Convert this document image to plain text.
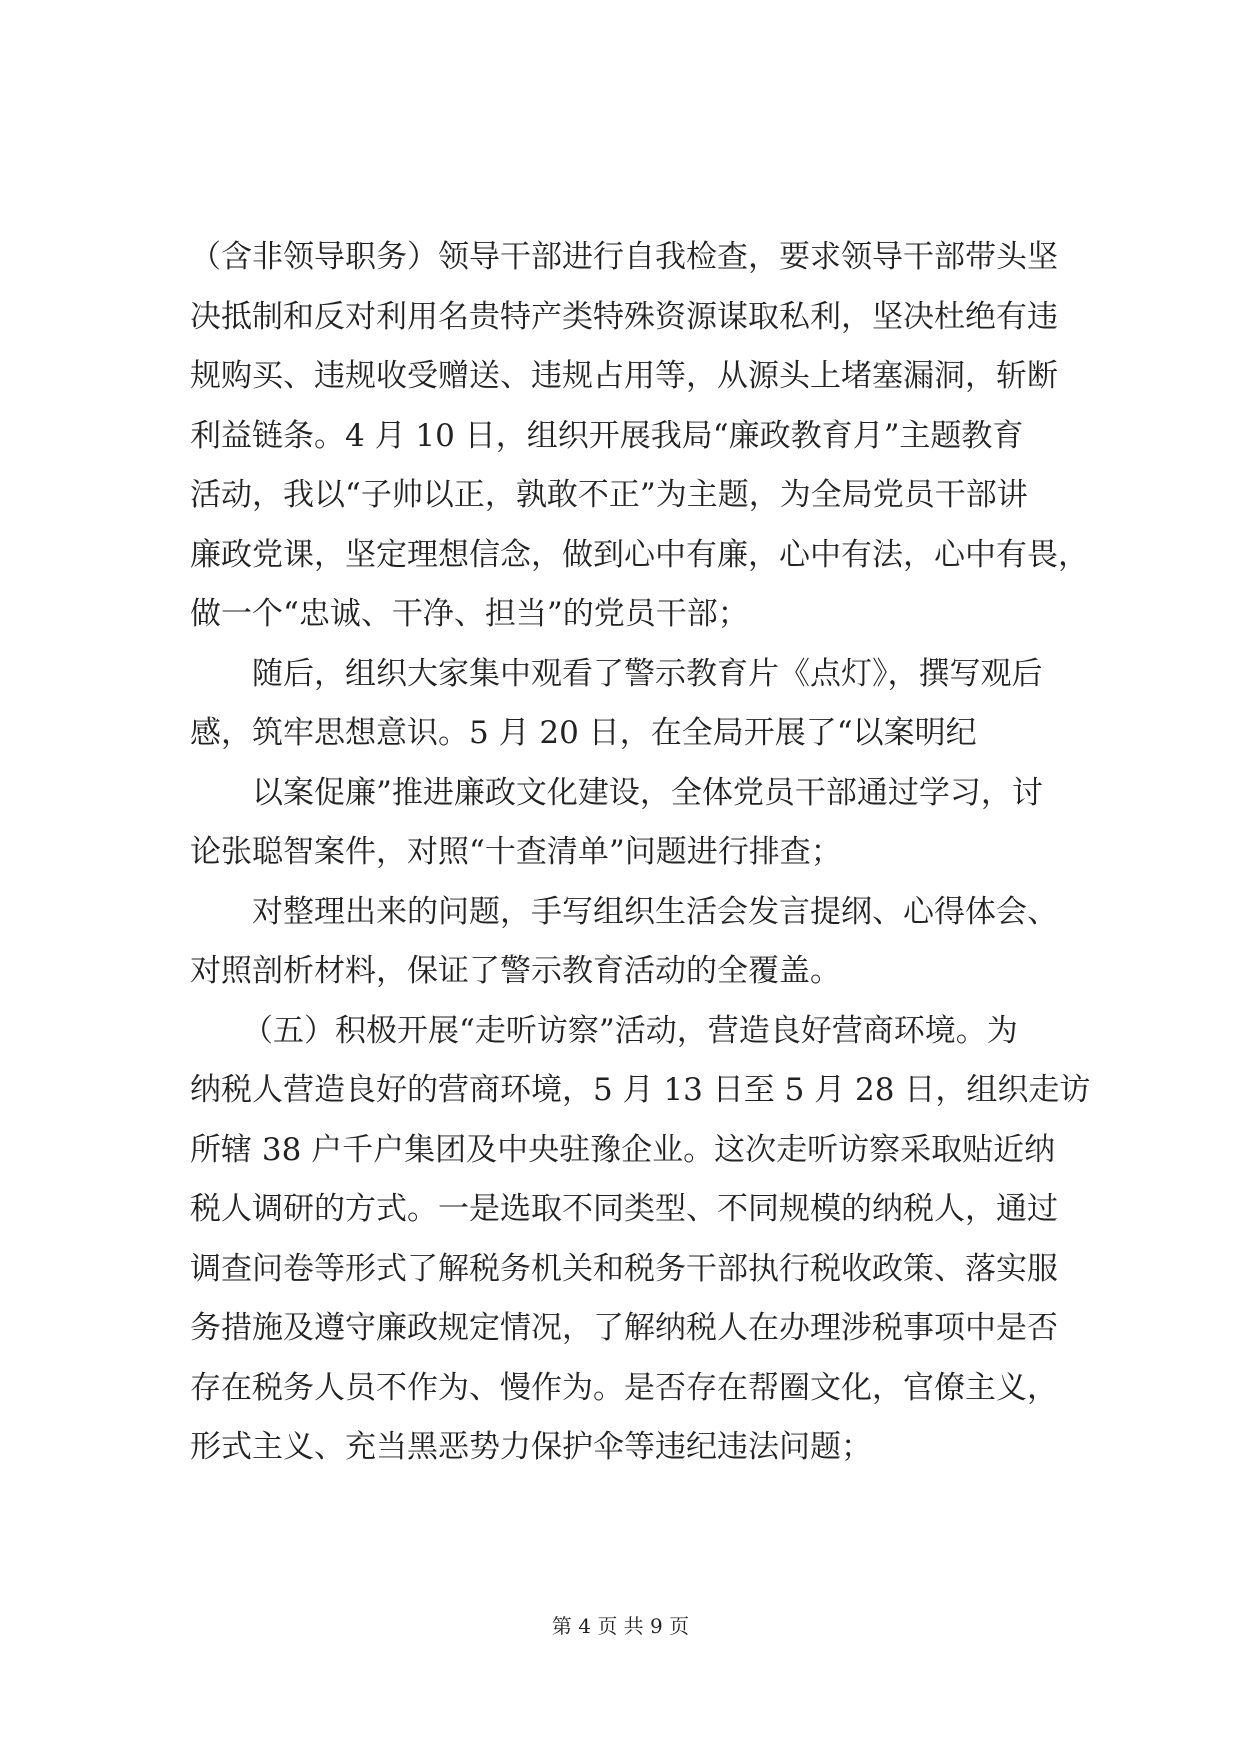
（含非领导职务）领导干部进行自我检查，要求领导干部带头坚
决抵制和反对利用名贵特产类特殊资源谋取私利，坚决杜绝有违
规购买、违规收受赠送、违规占用等，从源头上堵塞漏洞，斩断
利益链条。4 月 10 日，组织开展我局“廉政教育月”主题教育
活动，我以“子帅以正，孰敢不正”为主题，为全局党员干部讲
廉政党课，坚定理想信念，做到心中有廉，心中有法，心中有畏，
做一个“忠诚、干净、担当”的党员干部；
随后，组织大家集中观看了警示教育片《点灯》，撰写观后
感，筑牢思想意识。5 月 20 日，在全局开展了“以案明纪
以案促廉”推进廉政文化建设，全体党员干部通过学习，讨
论张聪智案件，对照“十查清单”问题进行排查；
对整理出来的问题，手写组织生活会发言提纲、心得体会、
对照剖析材料，保证了警示教育活动的全覆盖。
（五）积极开展“走听访察”活动，营造良好营商环境。为
纳税人营造良好的营商环境，5 月 13 日至 5 月 28 日，组织走访
所辖 38 户千户集团及中央驻豫企业。这次走听访察采取贴近纳
税人调研的方式。一是选取不同类型、不同规模的纳税人，通过
调查问卷等形式了解税务机关和税务干部执行税收政策、落实服
务措施及遵守廉政规定情况，了解纳税人在办理涉税事项中是否
存在税务人员不作为、慢作为。是否存在帮圈文化，官僚主义，
形式主义、充当黑恶势力保护伞等违纪违法问题；
第 4 页 共 9 页
